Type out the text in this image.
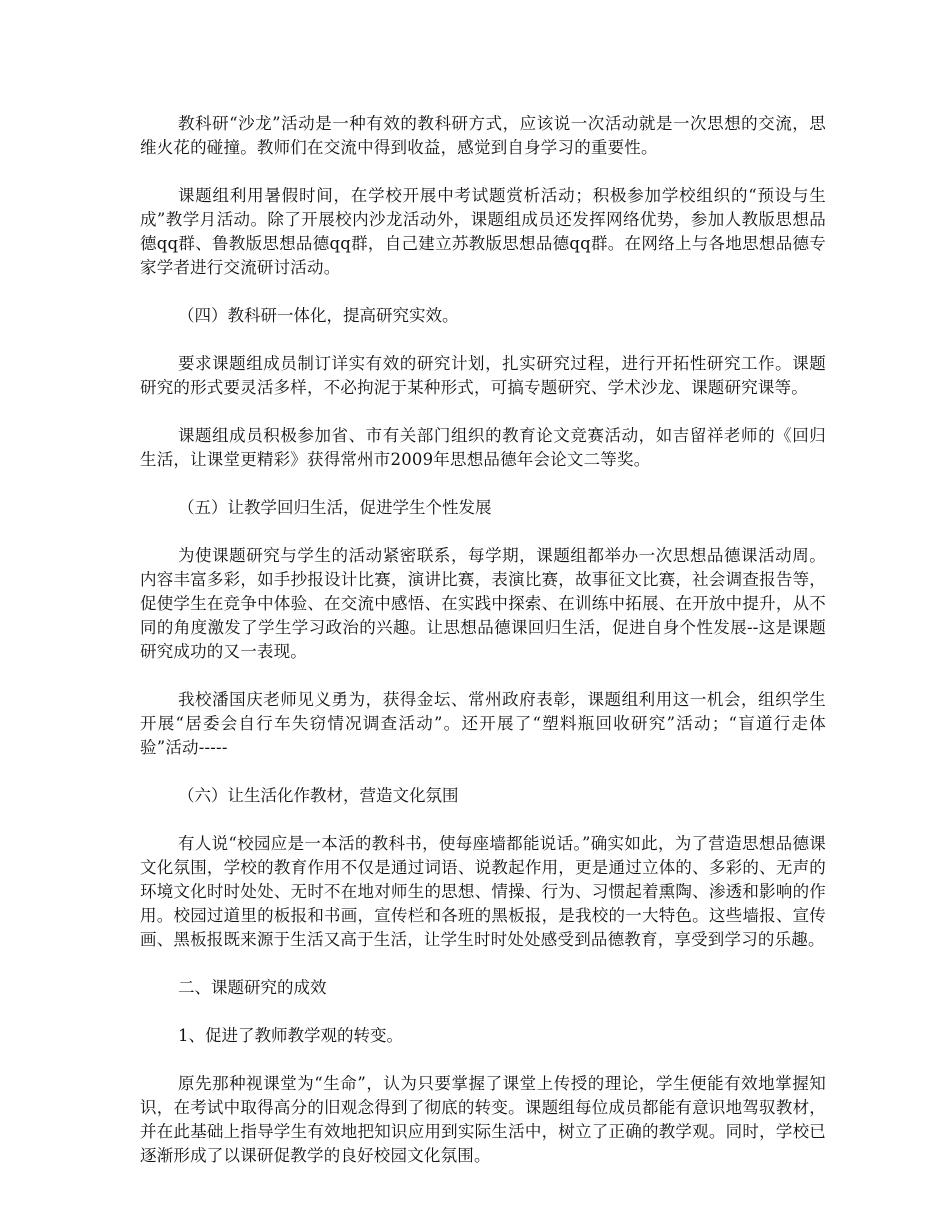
教科研“沙龙”活动是一种有效的教科研方式，应该说一次活动就是一次思想的交流，思维火花的碰撞。教师们在交流中得到收益，感觉到自身学习的重要性。

课题组利用暑假时间，在学校开展中考试题赏析活动；积极参加学校组织的“预设与生成”教学月活动。除了开展校内沙龙活动外，课题组成员还发挥网络优势，参加人教版思想品德qq群、鲁教版思想品德qq群，自己建立苏教版思想品德qq群。在网络上与各地思想品德专家学者进行交流研讨活动。

（四）教科研一体化，提高研究实效。

要求课题组成员制订详实有效的研究计划，扎实研究过程，进行开拓性研究工作。课题研究的形式要灵活多样，不必拘泥于某种形式，可搞专题研究、学术沙龙、课题研究课等。

课题组成员积极参加省、市有关部门组织的教育论文竞赛活动，如吉留祥老师的《回归生活，让课堂更精彩》获得常州市2009年思想品德年会论文二等奖。

（五）让教学回归生活，促进学生个性发展

为使课题研究与学生的活动紧密联系，每学期，课题组都举办一次思想品德课活动周。内容丰富多彩，如手抄报设计比赛，演讲比赛，表演比赛，故事征文比赛，社会调查报告等，促使学生在竞争中体验、在交流中感悟、在实践中探索、在训练中拓展、在开放中提升，从不同的角度激发了学生学习政治的兴趣。让思想品德课回归生活，促进自身个性发展--这是课题研究成功的又一表现。

我校潘国庆老师见义勇为，获得金坛、常州政府表彰，课题组利用这一机会，组织学生开展“居委会自行车失窃情况调查活动”。还开展了“塑料瓶回收研究”活动；“盲道行走体验”活动-----

（六）让生活化作教材，营造文化氛围

有人说“校园应是一本活的教科书，使每座墙都能说话。”确实如此，为了营造思想品德课文化氛围，学校的教育作用不仅是通过词语、说教起作用，更是通过立体的、多彩的、无声的环境文化时时处处、无时不在地对师生的思想、情操、行为、习惯起着熏陶、渗透和影响的作用。校园过道里的板报和书画，宣传栏和各班的黑板报，是我校的一大特色。这些墙报、宣传画、黑板报既来源于生活又高于生活，让学生时时处处感受到品德教育，享受到学习的乐趣。

二、课题研究的成效

1、促进了教师教学观的转变。

原先那种视课堂为“生命”，认为只要掌握了课堂上传授的理论，学生便能有效地掌握知识，在考试中取得高分的旧观念得到了彻底的转变。课题组每位成员都能有意识地驾驭教材，并在此基础上指导学生有效地把知识应用到实际生活中，树立了正确的教学观。同时，学校已逐渐形成了以课研促教学的良好校园文化氛围。
